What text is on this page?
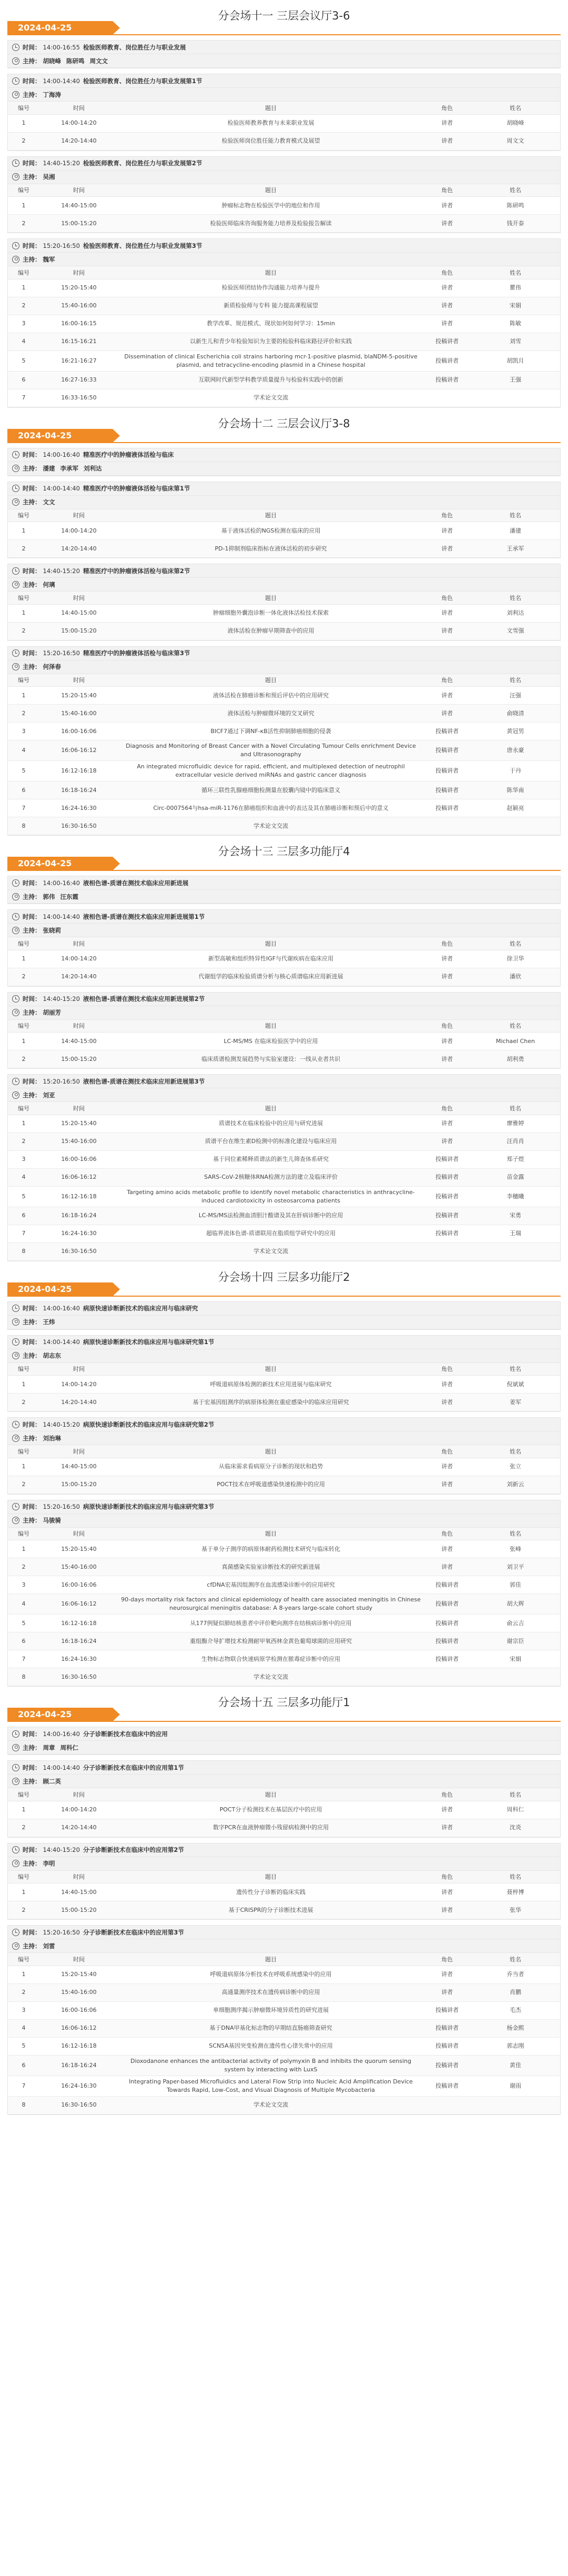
分会场十一 三层会议厅3-6
2024-04-25
时间： 14:00-16:55 检验医师教育、岗位胜任力与职业发展
主持： 胡晓峰 陈研鸣 周文文
时间： 14:00-14:40 检验医师教育、岗位胜任力与职业发展第1节
主持： 丁海涛
编号	时间	题目	角色	姓名
1	14:00-14:20	检验医师教养教育与未来职业发展	讲者	胡晓峰
2	14:20-14:40	检验医师岗位胜任能力教育模式及展望	讲者	周文文
时间： 14:40-15:20 检验医师教育、岗位胜任力与职业发展第2节
主持： 吴湘
编号	时间	题目	角色	姓名
1	14:40-15:00	肿瘤标志物在检验医学中的地位和作用	讲者	陈研鸣
2	15:00-15:20	检验医师临床咨询服务能力培养及检验报告解读	讲者	钱开泰
时间： 15:20-16:50 检验医师教育、岗位胜任力与职业发展第3节
主持： 魏军
编号	时间	题目	角色	姓名
1	15:20-15:40	检验医师团结协作沟通能力培养与提升	讲者	瞿伟
2	15:40-16:00	新质检验师与专科 能力提高课程展望	讲者	宋娟
3	16:00-16:15	教学改革、规范模式、现状如何如何学习：15min	讲者	陈敏
4	16:15-16:21	以新生儿和青少年检验知识为主要的检验科临床路径评价和实践	投稿讲者	刘雪
5	16:21-16:27	Dissemination of clinical Escherichia coli strains harboring mcr-1-positive plasmid, blaNDM-5-positive plasmid, and tetracycline-encoding plasmid in a Chinese hospital	投稿讲者	胡凯月
6	16:27-16:33	互联网时代新型学科教学质量提升与检验科实践中的创新	投稿讲者	王强
7	16:33-16:50	学术论文交流		
分会场十二 三层会议厅3-8
2024-04-25
时间： 14:00-16:40 精准医疗中的肿瘤液体活检与临床
主持： 潘建 李承军 刘利达
时间： 14:00-14:40 精准医疗中的肿瘤液体活检与临床第1节
主持： 文文
编号	时间	题目	角色	姓名
1	14:00-14:20	基于液体活检的NGS检测在临床的应用	讲者	潘建
2	14:20-14:40	PD-1抑制剂临床指标在液体活检的初步研究	讲者	王承军
时间： 14:40-15:20 精准医疗中的肿瘤液体活检与临床第2节
主持： 何璃
编号	时间	题目	角色	姓名
1	14:40-15:00	肿瘤细胞外囊泡诊断一体化液体活检技术探索	讲者	刘利达
2	15:00-15:20	液体活检在肿瘤早期筛查中的应用	讲者	文雪强
时间： 15:20-16:50 精准医疗中的肿瘤液体活检与临床第3节
主持： 何泽春
编号	时间	题目	角色	姓名
1	15:20-15:40	液体活检在肺癌诊断和预后评估中的应用研究	讲者	汪强
2	15:40-16:00	液体活检与肿瘤微环境的交叉研究	讲者	俞晓清
3	16:00-16:06	BICF7通过下调NF-κB活性抑制肺癌细胞的侵袭	投稿讲者	黄冠男
4	16:06-16:12	Diagnosis and Monitoring of Breast Cancer with a Novel Circulating Tumour Cells enrichment Device and Ultrasonography	投稿讲者	唐永豪
5	16:12-16:18	An integrated microfluidic device for rapid, efficient, and multiplexed detection of neutrophil extracellular vesicle derived miRNAs and gastric cancer diagnosis	投稿讲者	于丹
6	16:18-16:24	循环三联性乳腺癌细胞检测量在胶囊内镜中的临床意义	投稿讲者	陈华南
7	16:24-16:30	Circ-0007564与hsa-miR-1176在肺癌组织和血液中的表达及其在肺癌诊断和预后中的意义	投稿讲者	赵颖亮
8	16:30-16:50	学术论文交流		
分会场十三 三层多功能厅4
2024-04-25
时间： 14:00-16:40 液相色谱-质谱在测技术临床应用新进展
主持： 郭伟 汪东霞
时间： 14:00-14:40 液相色谱-质谱在测技术临床应用新进展第1节
主持： 张晓莉
编号	时间	题目	角色	姓名
1	14:00-14:20	新型高敏和组织特异性IGF与代谢疾病在临床应用	讲者	徐卫华
2	14:20-14:40	代谢组学的临床检验质谱分析与核心质谱临床应用新进展	讲者	潘欣
时间： 14:40-15:20 液相色谱-质谱在测技术临床应用新进展第2节
主持： 胡丽芳
编号	时间	题目	角色	姓名
1	14:40-15:00	LC-MS/MS 在临床检验医学中的应用	讲者	Michael Chen
2	15:00-15:20	临床质谱检测发展趋势与实验室建设：一线从业者共识	讲者	胡利勇
时间： 15:20-16:50 液相色谱-质谱在测技术临床应用新进展第3节
主持： 刘亚
编号	时间	题目	角色	姓名
1	15:20-15:40	质谱技术在临床检验中的应用与研究进展	讲者	廖雅婷
2	15:40-16:00	质谱平台在维生素D检测中的标准化建设与临床应用	讲者	汪肖肖
3	16:00-16:06	基于同位素稀释质谱法的新生儿筛查体系研究	投稿讲者	郑子煜
4	16:06-16:12	SARS-CoV-2核糖体RNA检测方法的建立及临床评价	投稿讲者	苗金露
5	16:12-16:18	Targeting amino acids metabolic profile to identify novel metabolic characteristics in anthracycline-induced cardiotoxicity in osteosarcoma patients	投稿讲者	李穗曦
6	16:18-16:24	LC-MS/MS法检测血清胆汁酸谱及其在肝病诊断中的应用	投稿讲者	宋勇
7	16:24-16:30	超临界流体色谱-质谱联用在脂质组学研究中的应用	投稿讲者	王瑞
8	16:30-16:50	学术论文交流		
分会场十四 三层多功能厅2
2024-04-25
时间： 14:00-16:40 病原快速诊断新技术的临床应用与临床研究
主持： 王炜
时间： 14:00-14:40 病原快速诊断新技术的临床应用与临床研究第1节
主持： 胡志东
编号	时间	题目	角色	姓名
1	14:00-14:20	呼吸道病原体检测的新技术应用进展与临床研究	讲者	倪斌斌
2	14:20-14:40	基于宏基因组测序的病原体检测在重症感染中的临床应用研究	讲者	姜军
时间： 14:40-15:20 病原快速诊断新技术的临床应用与临床研究第2节
主持： 刘治琳
编号	时间	题目	角色	姓名
1	14:40-15:00	从临床需求看病原分子诊断的现状和趋势	讲者	张立
2	15:00-15:20	POCT技术在呼吸道感染快速检测中的应用	讲者	刘新云
时间： 15:20-16:50 病原快速诊断新技术的临床应用与临床研究第3节
主持： 马骏骑
编号	时间	题目	角色	姓名
1	15:20-15:40	基于单分子测序的病原体耐药检测技术研究与临床转化	讲者	张峰
2	15:40-16:00	真菌感染实验室诊断技术的研究新进展	讲者	刘卫平
3	16:00-16:06	cfDNA宏基因组测序在血流感染诊断中的应用研究	投稿讲者	郭佳
4	16:06-16:12	90-days mortality risk factors and clinical epidemiology of health care associated meningitis in Chinese neurosurgical meningitis database: A 8-years large-scale cohort study	投稿讲者	胡大辉
5	16:12-16:18	从177例疑似肺结核患者中评价靶向测序在结核病诊断中的应用	投稿讲者	俞云吉
6	16:18-16:24	重组酶介导扩增技术检测耐甲氧西林金黄色葡萄球菌的应用研究	投稿讲者	谢宗臣
7	16:24-16:30	生物标志物联合快速病原学检测在脓毒症诊断中的应用	投稿讲者	宋娟
8	16:30-16:50	学术论文交流		
分会场十五 三层多功能厅1
2024-04-25
时间： 14:00-16:40 分子诊断新技术在临床中的应用
主持： 周章 周科仁
时间： 14:00-14:40 分子诊断新技术在临床中的应用第1节
主持： 顾二英
编号	时间	题目	角色	姓名
1	14:00-14:20	POCT分子检测技术在基层医疗中的应用	讲者	周科仁
2	14:20-14:40	数字PCR在血液肿瘤微小残留病检测中的应用	讲者	沈炎
时间： 14:40-15:20 分子诊断新技术在临床中的应用第2节
主持： 李明
编号	时间	题目	角色	姓名
1	14:40-15:00	遗传性分子诊断的临床实践	讲者	聂梓博
2	15:00-15:20	基于CRISPR的分子诊断技术进展	讲者	张华
时间： 15:20-16:50 分子诊断新技术在临床中的应用第3节
主持： 刘雷
编号	时间	题目	角色	姓名
1	15:20-15:40	呼吸道病原体分析技术在呼吸系统感染中的应用	讲者	乔当者
2	15:40-16:00	高通量测序技术在遗传病诊断中的应用	讲者	肖鹏
3	16:00-16:06	单细胞测序揭示肿瘤微环境异质性的研究进展	投稿讲者	毛杰
4	16:06-16:12	基于DNA甲基化标志物的早期结直肠癌筛查研究	投稿讲者	杨金熙
5	16:12-16:18	SCN5A基因突变检测在遗传性心律失常中的应用	投稿讲者	郭志刚
6	16:18-16:24	Dioxodanone enhances the antibacterial activity of polymyxin B and inhibits the quorum sensing system by interacting with LuxS	投稿讲者	黄佳
7	16:24-16:30	Integrating Paper-based Microfluidics and Lateral Flow Strip into Nucleic Acid Amplification Device Towards Rapid, Low-Cost, and Visual Diagnosis of Multiple Mycobacteria	投稿讲者	谢雨
8	16:30-16:50	学术论文交流		
